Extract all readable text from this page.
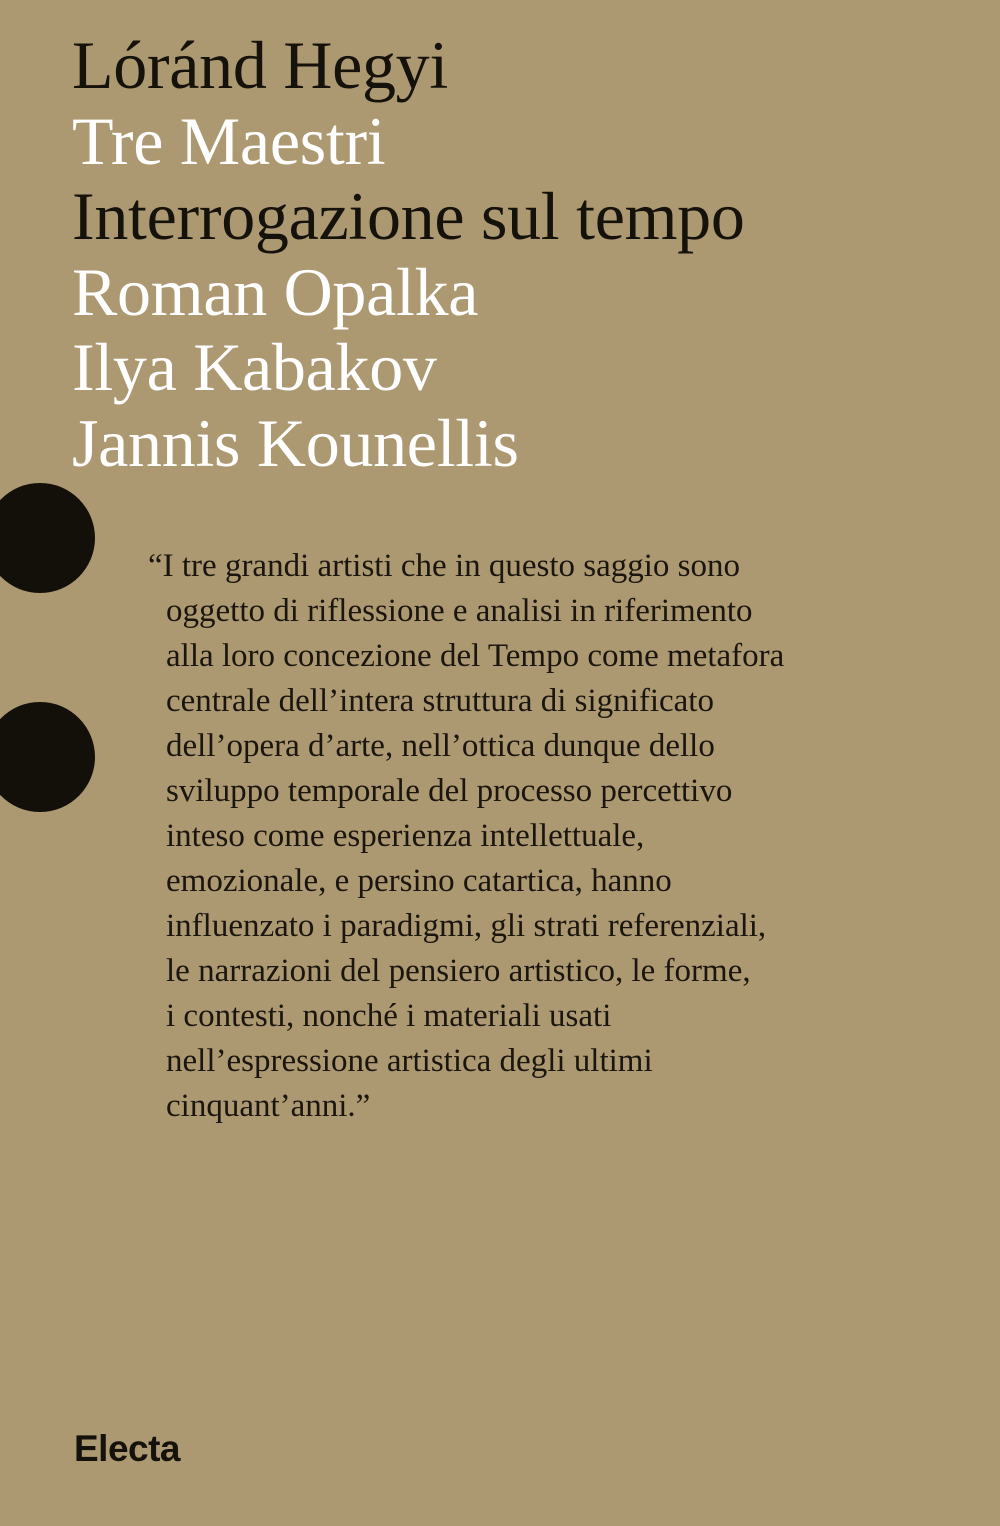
Lóránd Hegyi
Tre Maestri
Interrogazione sul tempo
Roman Opalka
Ilya Kabakov
Jannis Kounellis
“I tre grandi artisti che in questo saggio sono
oggetto di riflessione e analisi in riferimento
alla loro concezione del Tempo come metafora
centrale dell’intera struttura di significato
dell’opera d’arte, nell’ottica dunque dello
sviluppo temporale del processo percettivo
inteso come esperienza intellettuale,
emozionale, e persino catartica, hanno
influenzato i paradigmi, gli strati referenziali,
le narrazioni del pensiero artistico, le forme,
i contesti, nonché i materiali usati
nell’espressione artistica degli ultimi
cinquant’anni.”
Electa
